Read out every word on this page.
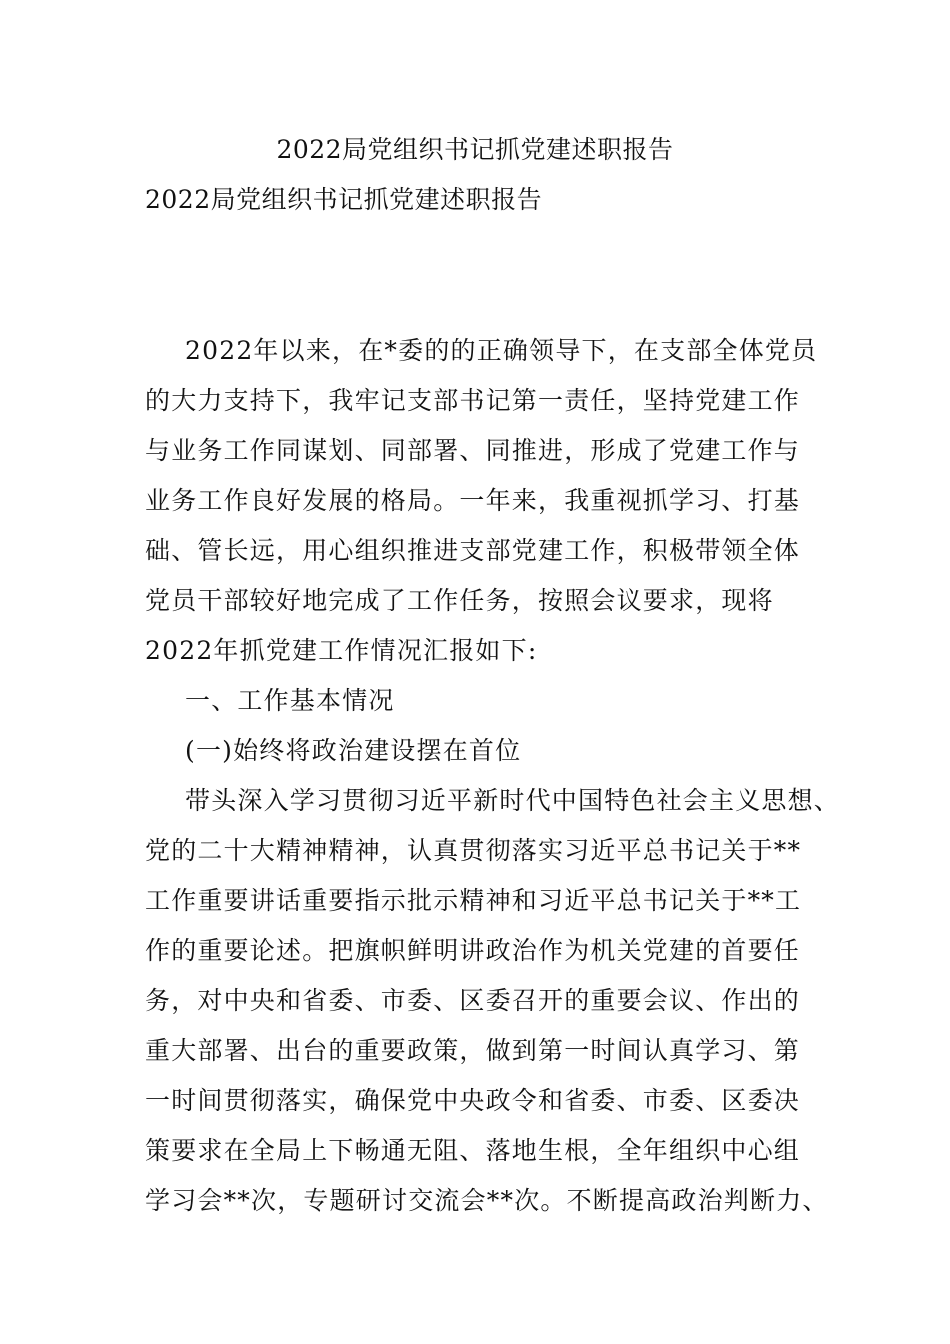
2022局党组织书记抓党建述职报告
2022局党组织书记抓党建述职报告
2022年以来，在*委的的正确领导下，在支部全体党员
的大力支持下，我牢记支部书记第一责任，坚持党建工作
与业务工作同谋划、同部署、同推进，形成了党建工作与
业务工作良好发展的格局。一年来，我重视抓学习、打基
础、管长远，用心组织推进支部党建工作，积极带领全体
党员干部较好地完成了工作任务，按照会议要求，现将
2022年抓党建工作情况汇报如下:
一、工作基本情况
(一)始终将政治建设摆在首位
带头深入学习贯彻习近平新时代中国特色社会主义思想、
党的二十大精神精神，认真贯彻落实习近平总书记关于**
工作重要讲话重要指示批示精神和习近平总书记关于**工
作的重要论述。把旗帜鲜明讲政治作为机关党建的首要任
务，对中央和省委、市委、区委召开的重要会议、作出的
重大部署、出台的重要政策，做到第一时间认真学习、第
一时间贯彻落实，确保党中央政令和省委、市委、区委决
策要求在全局上下畅通无阻、落地生根，全年组织中心组
学习会**次，专题研讨交流会**次。不断提高政治判断力、
